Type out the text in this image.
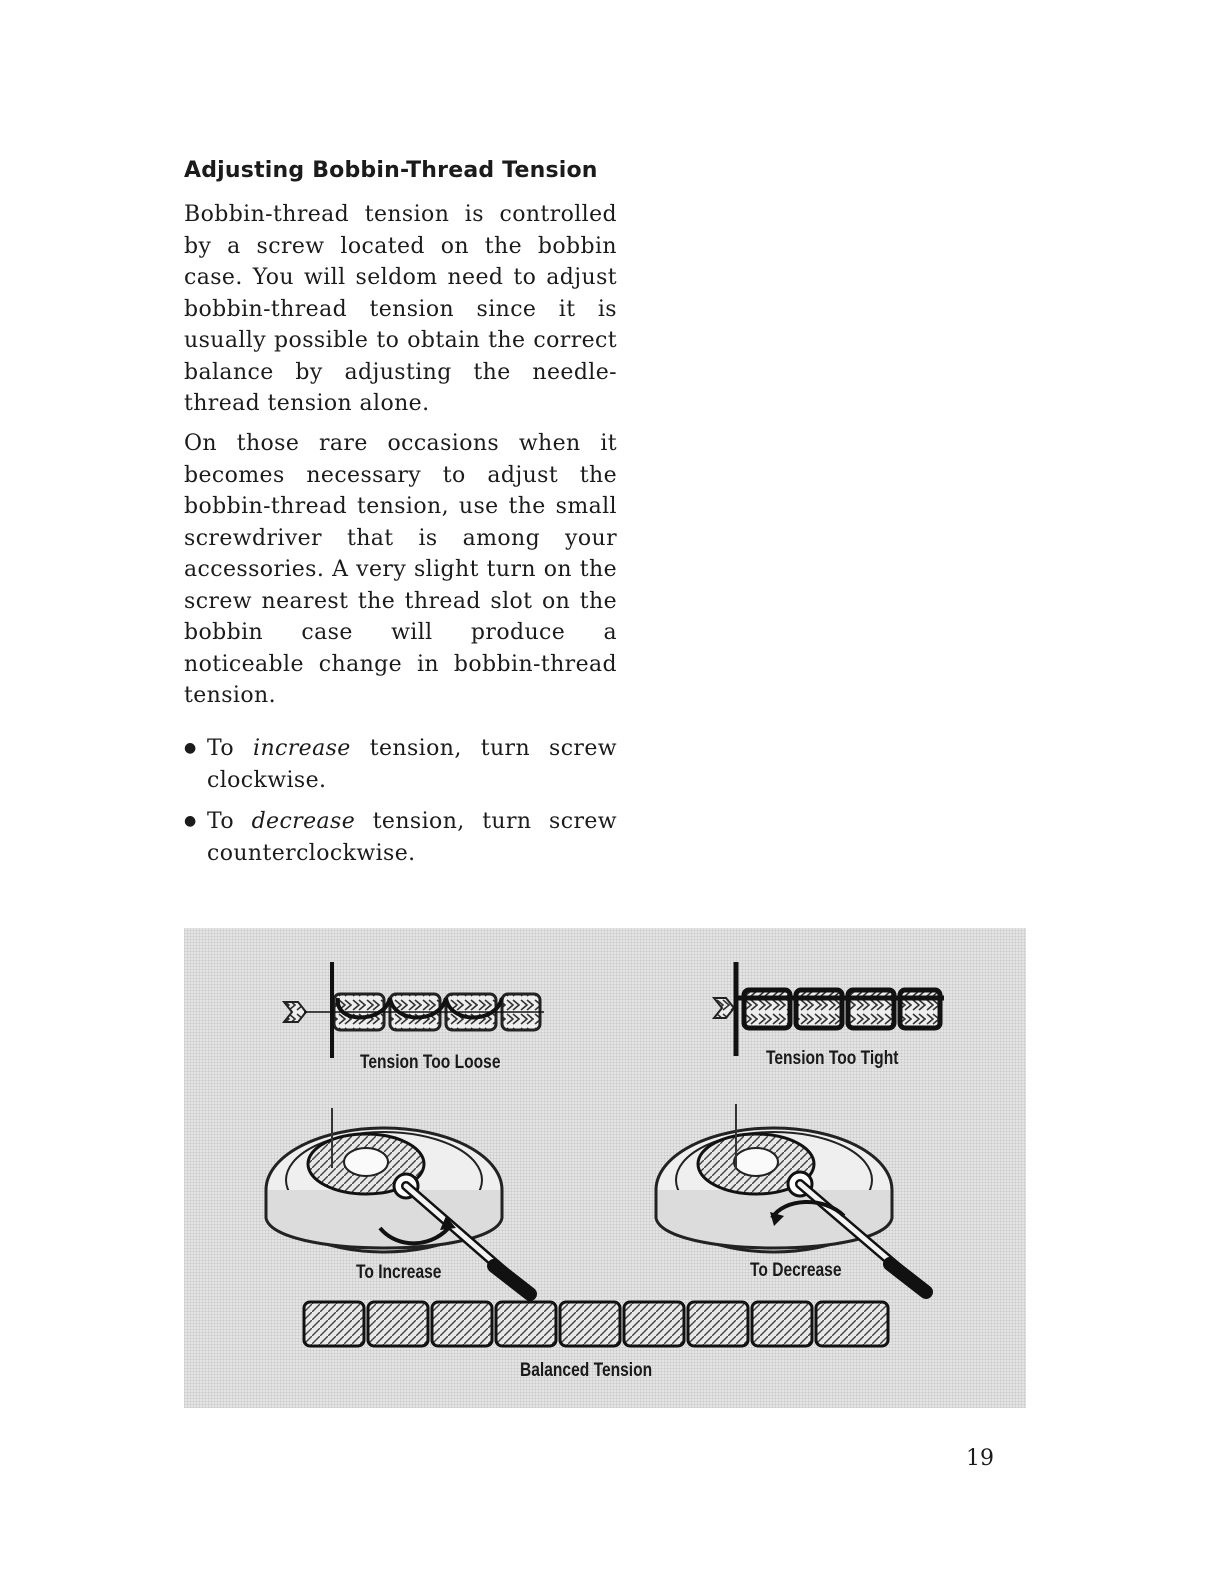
Adjusting Bobbin-Thread Tension
Bobbin-thread tension is controlled by a screw located on the bobbin case. You will seldom need to adjust bobbin-thread tension since it is usually possible to obtain the correct balance by adjusting the needle-thread tension alone.
On those rare occasions when it becomes necessary to adjust the bobbin-thread tension, use the small screwdriver that is among your accessories. A very slight turn on the screw nearest the thread slot on the bobbin case will produce a noticeable change in bobbin-thread tension.
● To increase tension, turn screw clockwise.
● To decrease tension, turn screw counterclockwise.
Tension Too Loose	Tension Too Tight
To Increase	To Decrease
Balanced Tension
19
